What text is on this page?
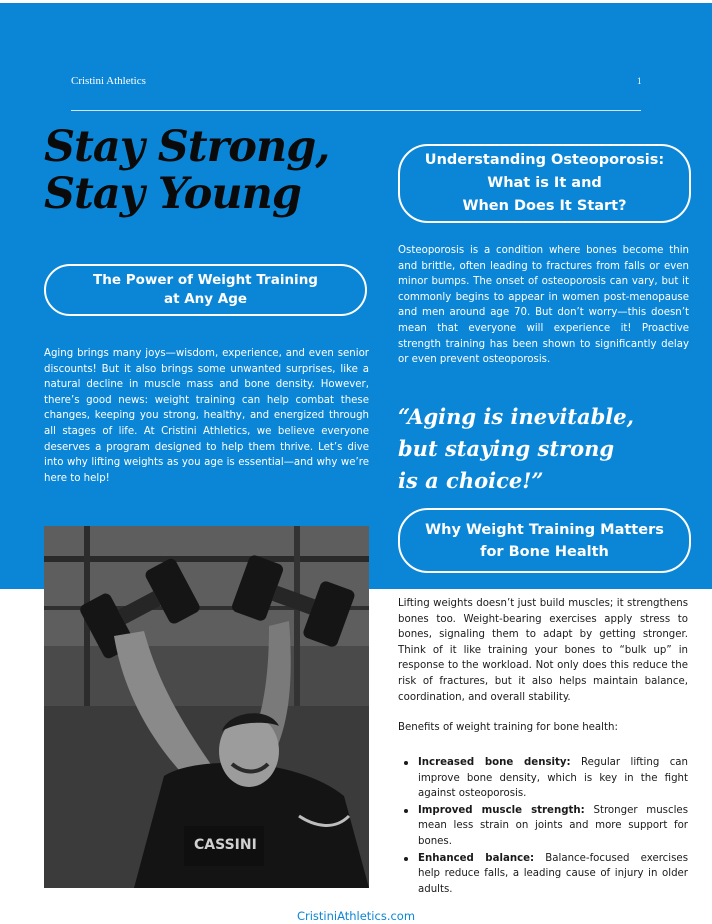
Cristini Athletics	1
Stay Strong,
Stay Young
The Power of Weight Training
at Any Age

Aging brings many joys—wisdom, experience, and even senior discounts! But it also brings some unwanted surprises, like a natural decline in muscle mass and bone density. However, there’s good news: weight training can help combat these changes, keeping you strong, healthy, and energized through all stages of life. At Cristini Athletics, we believe everyone deserves a program designed to help them thrive. Let’s dive into why lifting weights as you age is essential—and why we’re here to help!

Understanding Osteoporosis:
What is It and
When Does It Start?

Osteoporosis is a condition where bones become thin and brittle, often leading to fractures from falls or even minor bumps. The onset of osteoporosis can vary, but it commonly begins to appear in women post-menopause and men around age 70. But don’t worry—this doesn’t mean that everyone will experience it! Proactive strength training has been shown to significantly delay or even prevent osteoporosis.

“Aging is inevitable,
but staying strong
is a choice!”
Why Weight Training Matters
for Bone Health
CASSINI

Lifting weights doesn’t just build muscles; it strengthens bones too. Weight-bearing exercises apply stress to bones, signaling them to adapt by getting stronger. Think of it like training your bones to “bulk up” in response to the workload. Not only does this reduce the risk of fractures, but it also helps maintain balance, coordination, and overall stability.

Benefits of weight training for bone health:

Increased bone density: Regular lifting can improve bone density, which is key in the fight against osteoporosis.
Improved muscle strength: Stronger muscles mean less strain on joints and more support for bones.
Enhanced balance: Balance-focused exercises help reduce falls, a leading cause of injury in older adults.
CristiniAthletics.com
